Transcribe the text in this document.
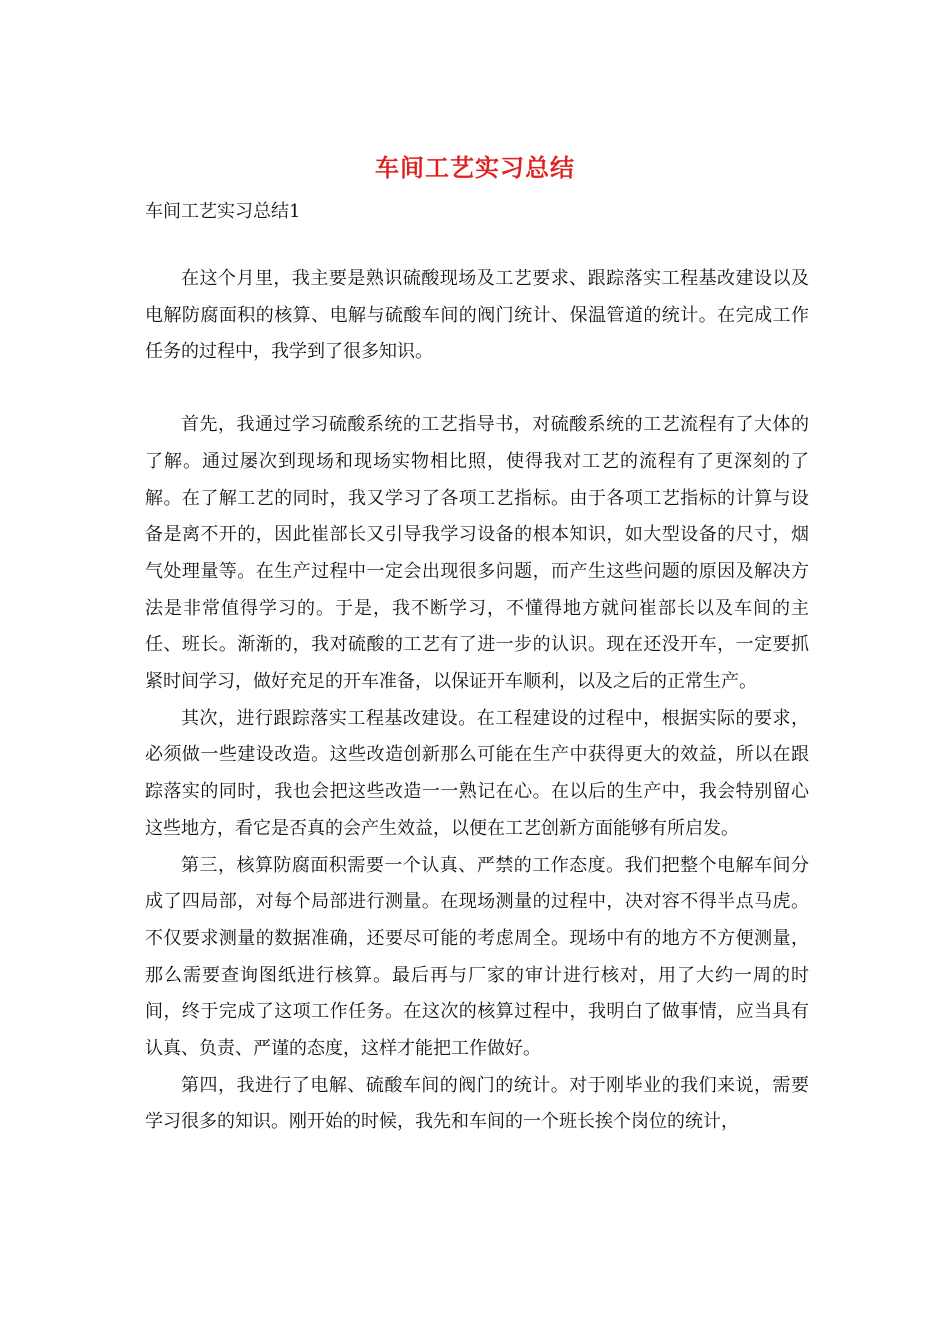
车间工艺实习总结
车间工艺实习总结1

在这个月里，我主要是熟识硫酸现场及工艺要求、跟踪落实工程基改建设以及电解防腐面积的核算、电解与硫酸车间的阀门统计、保温管道的统计。在完成工作任务的过程中，我学到了很多知识。

首先，我通过学习硫酸系统的工艺指导书，对硫酸系统的工艺流程有了大体的了解。通过屡次到现场和现场实物相比照，使得我对工艺的流程有了更深刻的了解。在了解工艺的同时，我又学习了各项工艺指标。由于各项工艺指标的计算与设备是离不开的，因此崔部长又引导我学习设备的根本知识，如大型设备的尺寸，烟气处理量等。在生产过程中一定会出现很多问题，而产生这些问题的原因及解决方法是非常值得学习的。于是，我不断学习，不懂得地方就问崔部长以及车间的主任、班长。渐渐的，我对硫酸的工艺有了进一步的认识。现在还没开车，一定要抓紧时间学习，做好充足的开车准备，以保证开车顺利，以及之后的正常生产。

其次，进行跟踪落实工程基改建设。在工程建设的过程中，根据实际的要求，必须做一些建设改造。这些改造创新那么可能在生产中获得更大的效益，所以在跟踪落实的同时，我也会把这些改造一一熟记在心。在以后的生产中，我会特别留心这些地方，看它是否真的会产生效益，以便在工艺创新方面能够有所启发。

第三，核算防腐面积需要一个认真、严禁的工作态度。我们把整个电解车间分成了四局部，对每个局部进行测量。在现场测量的过程中，决对容不得半点马虎。不仅要求测量的数据准确，还要尽可能的考虑周全。现场中有的地方不方便测量，那么需要查询图纸进行核算。最后再与厂家的审计进行核对，用了大约一周的时间，终于完成了这项工作任务。在这次的核算过程中，我明白了做事情，应当具有认真、负责、严谨的态度，这样才能把工作做好。

第四，我进行了电解、硫酸车间的阀门的统计。对于刚毕业的我们来说，需要学习很多的知识。刚开始的时候，我先和车间的一个班长挨个岗位的统计，
